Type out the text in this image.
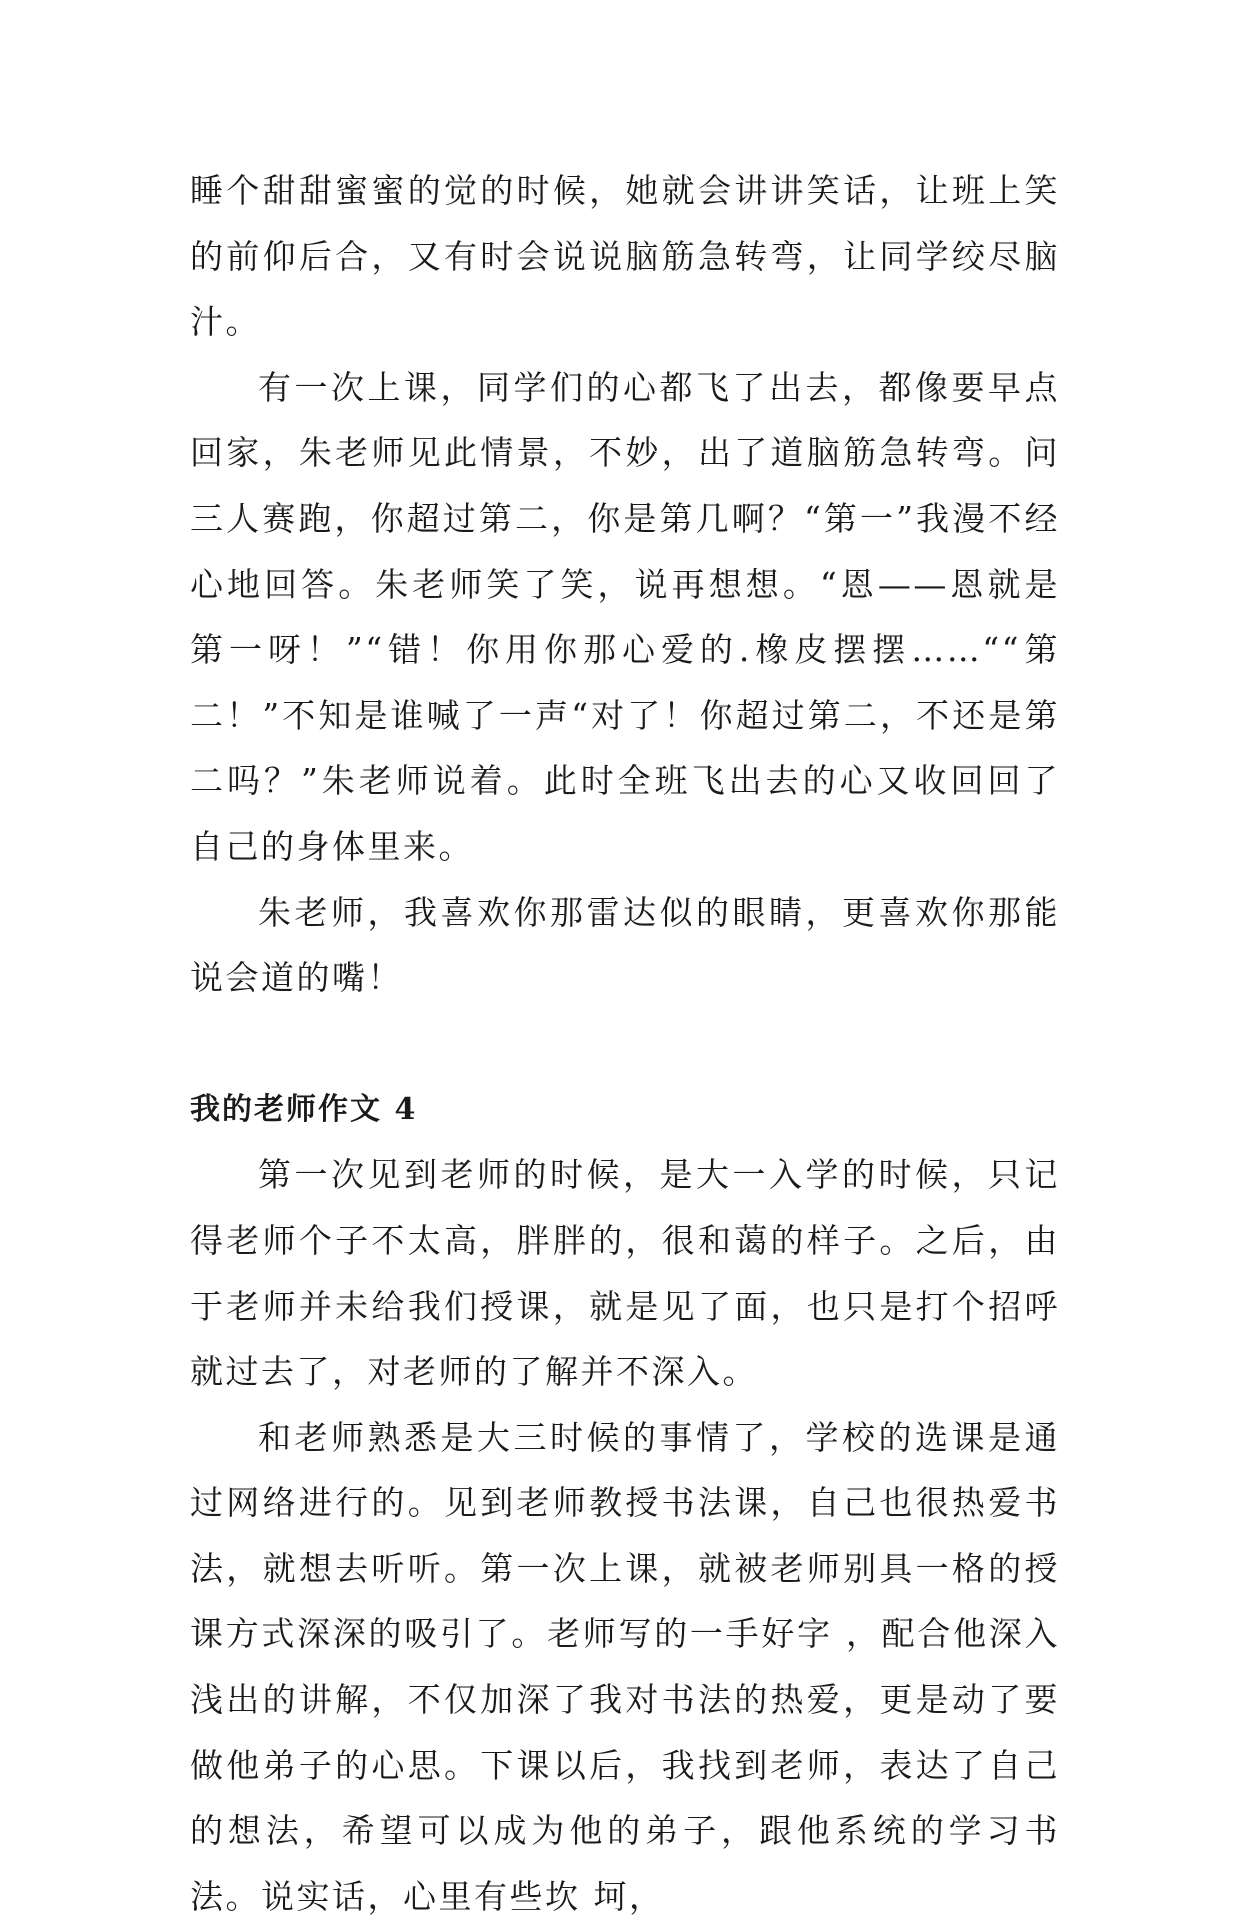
睡个甜甜蜜蜜的觉的时候，她就会讲讲笑话，让班上笑的前仰后合，又有时会说说脑筋急转弯，让同学绞尽脑汁。

有一次上课，同学们的心都飞了出去，都像要早点回家，朱老师见此情景，不妙，出了道脑筋急转弯。问三人赛跑，你超过第二，你是第几啊？“第一”我漫不经心地回答。朱老师笑了笑，说再想想。“恩——恩就是第一呀！”“错！你用你那心爱的.橡皮摆摆……““第二！”不知是谁喊了一声“对了！你超过第二，不还是第二吗？”朱老师说着。此时全班飞出去的心又收回回了自己的身体里来。

朱老师，我喜欢你那雷达似的眼睛，更喜欢你那能说会道的嘴！

我的老师作文 4

第一次见到老师的时候，是大一入学的时候，只记得老师个子不太高，胖胖的，很和蔼的样子。之后，由于老师并未给我们授课，就是见了面，也只是打个招呼就过去了，对老师的了解并不深入。

和老师熟悉是大三时候的事情了，学校的选课是通过网络进行的。见到老师教授书法课，自己也很热爱书法，就想去听听。第一次上课，就被老师别具一格的授课方式深深的吸引了。老师写的一手好字 ，配合他深入浅出的讲解，不仅加深了我对书法的热爱，更是动了要做他弟子的心思。下课以后，我找到老师，表达了自己的想法，希望可以成为他的弟子，跟他系统的学习书法。说实话，心里有些坎 坷，
